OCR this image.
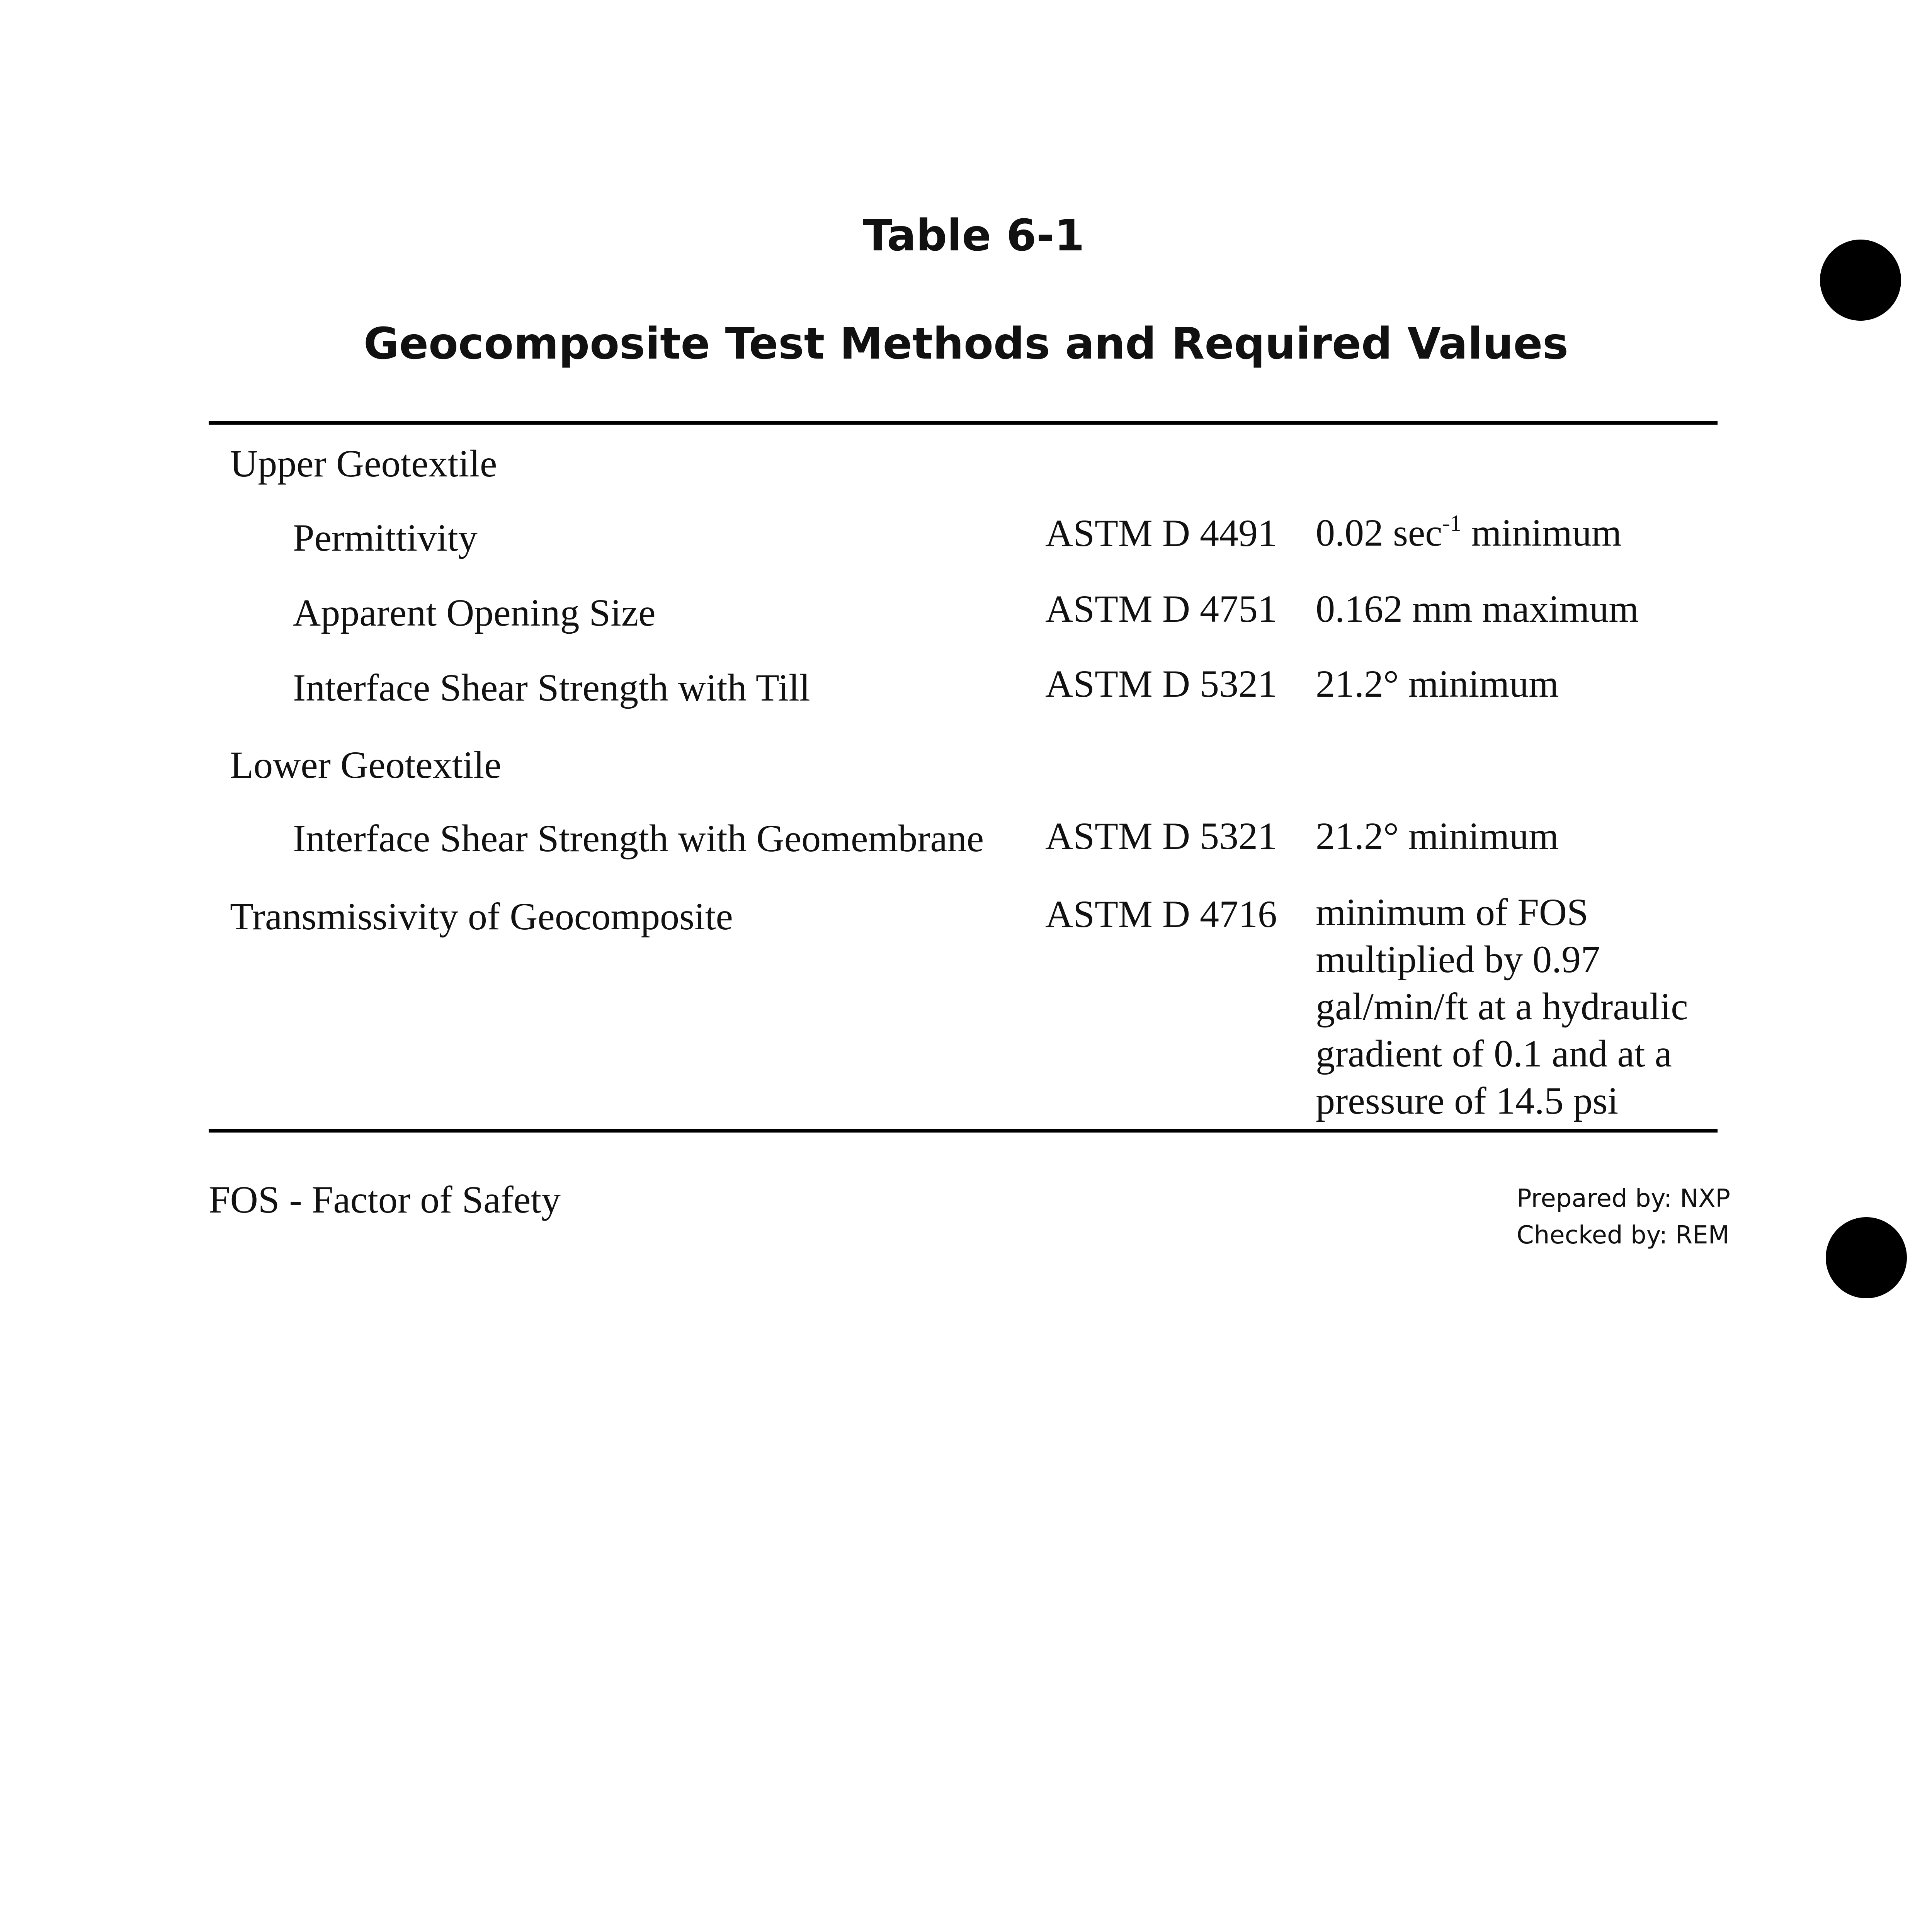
Table 6-1
Geocomposite Test Methods and Required Values
Upper Geotextile
Permittivity	ASTM D 4491 0.02 $\sec^{-1}$ minimum
Apparent Opening Size	ASTM D 4751 0.162 mm maximum
Interface Shear Strength with Till	ASTM D 5321 21.2° minimum
Lower Geotextile
Interface Shear Strength with Geomembrane ASTM D 5321 21.2° minimum
Transmissivity of Geocomposite	ASTM D 4716 minimum of FOS
multiplied by 0.97
gal/min/ft at a hydraulic
gradient of 0.1 and at a
pressure of 14.5 psi
FOS - Factor of Safety	Prepared by: NXP
Checked by: REM
